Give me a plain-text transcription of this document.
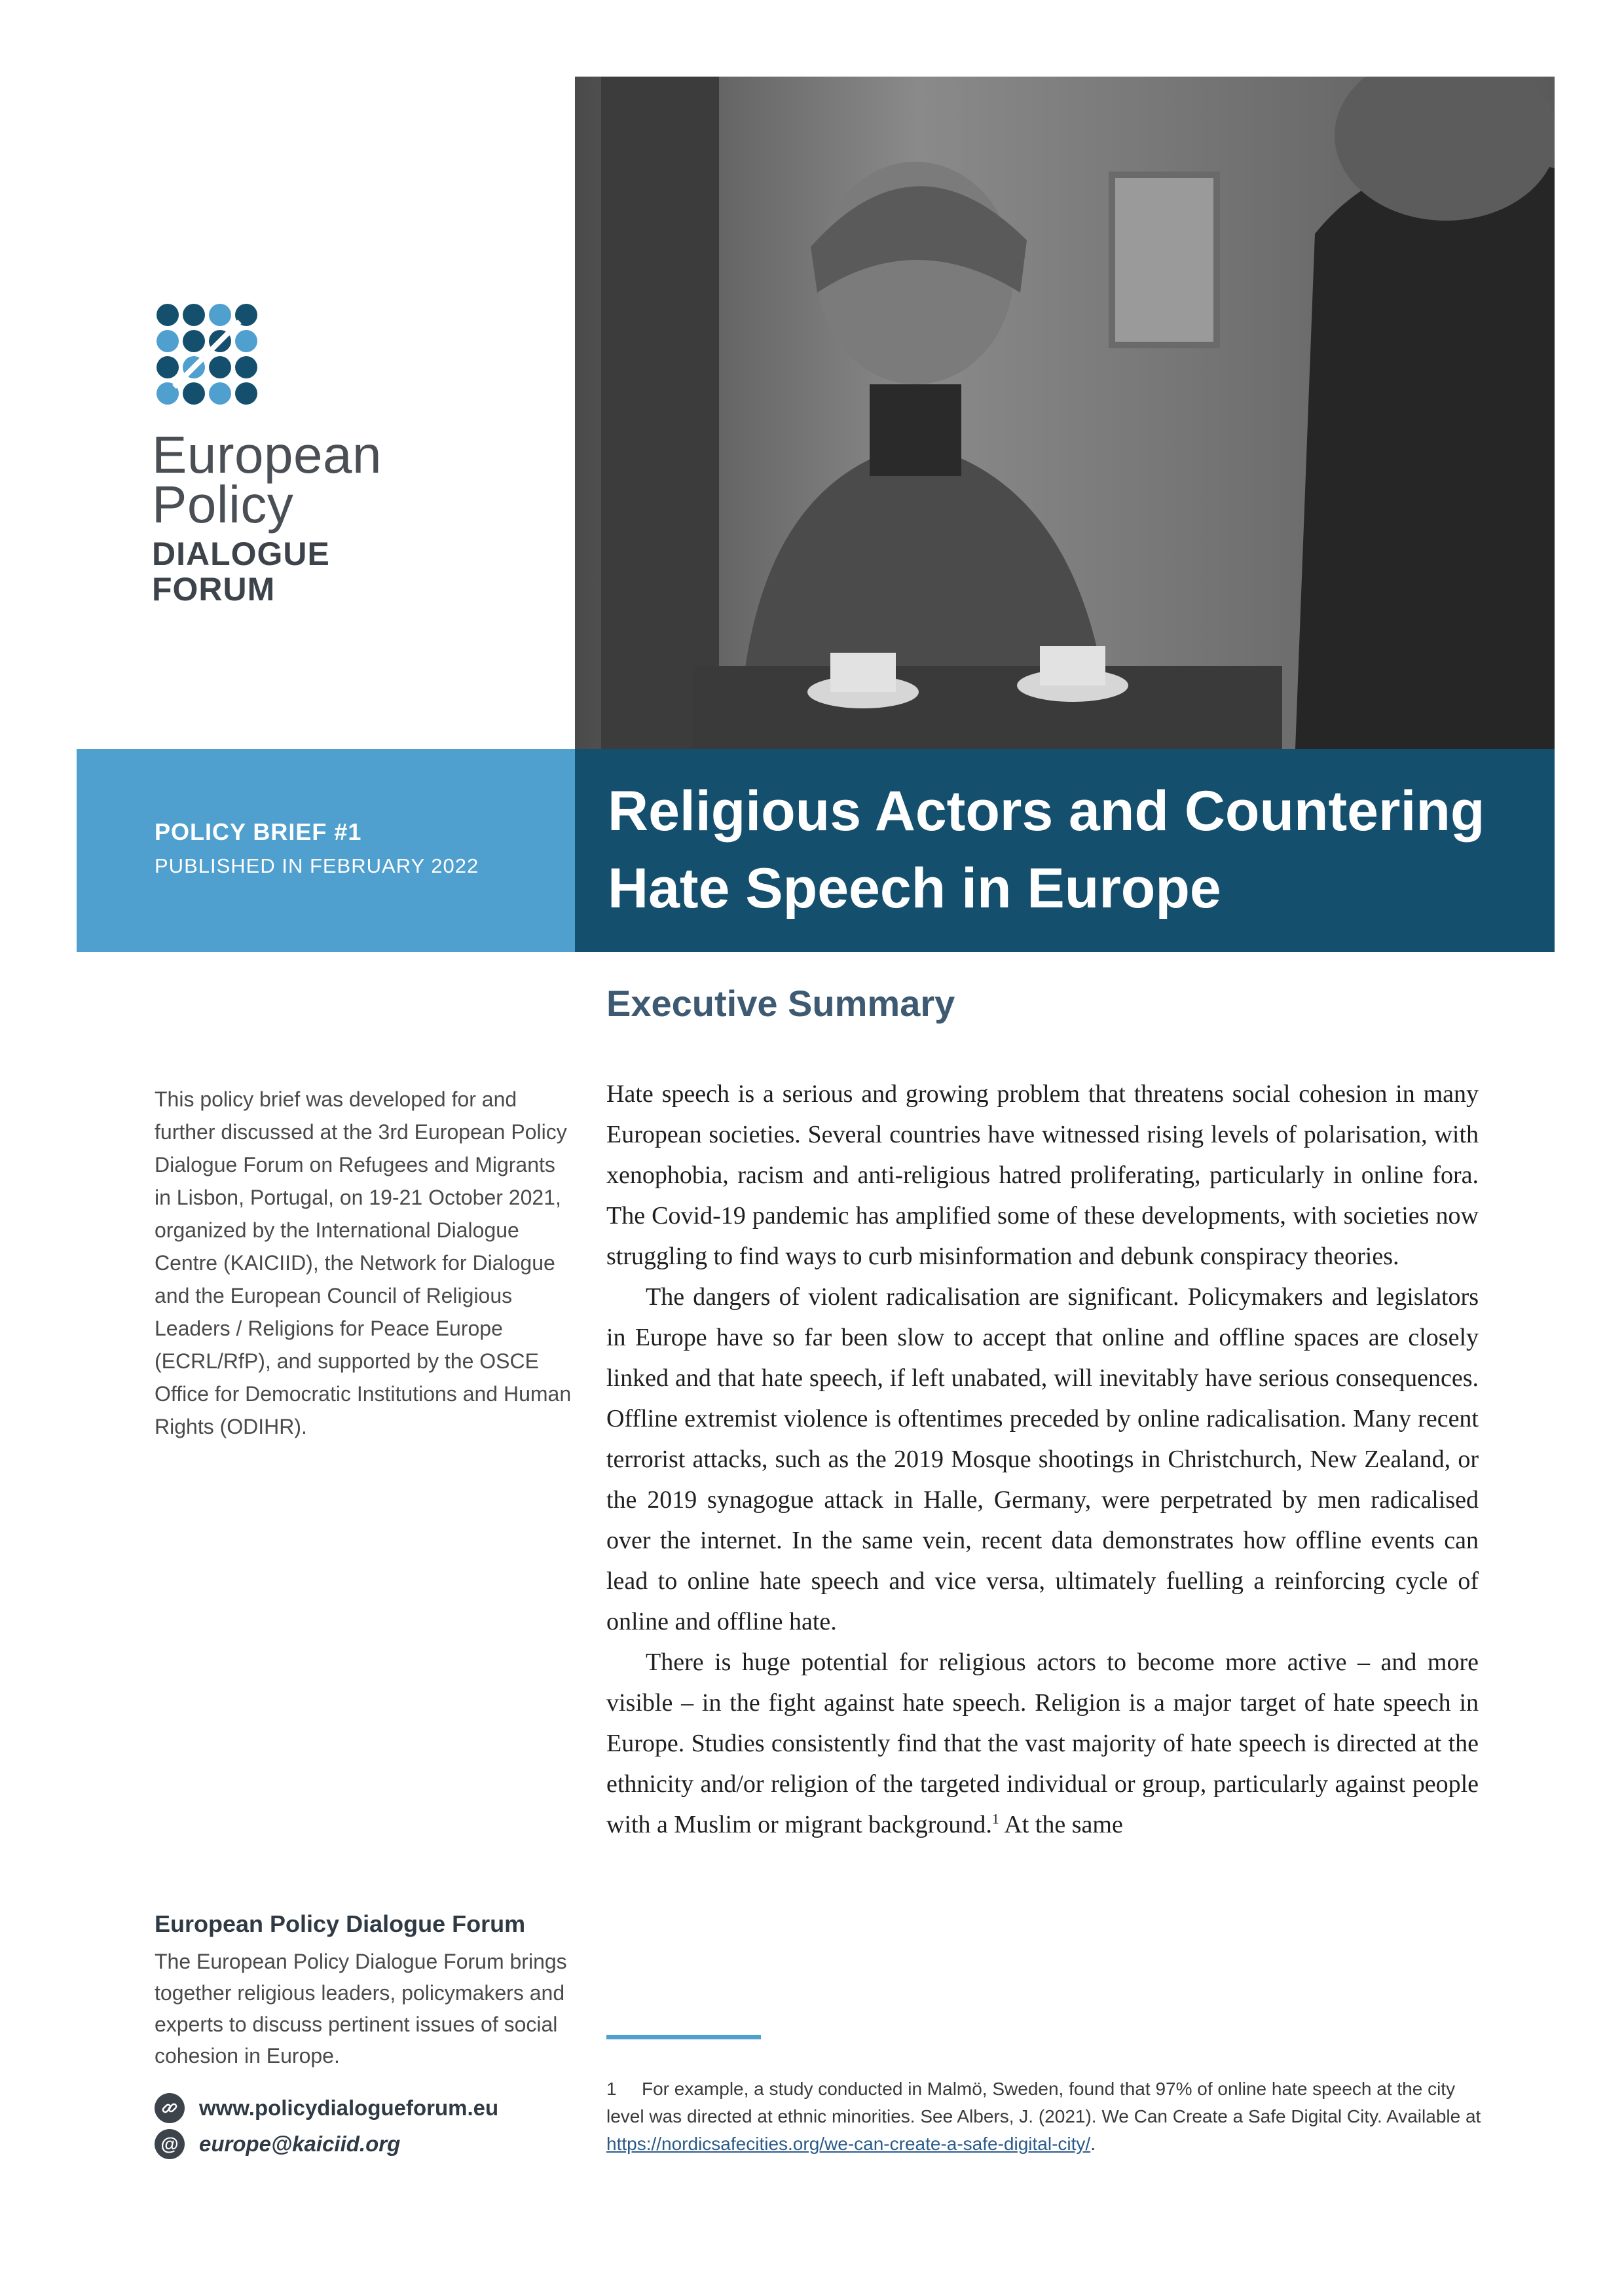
European
Policy
DIALOGUE
FORUM
POLICY BRIEF #1
PUBLISHED IN FEBRUARY 2022
Religious Actors and Countering Hate Speech in Europe
Executive Summary
This policy brief was developed for and further discussed at the 3rd European Policy Dialogue Forum on Refugees and Migrants in Lisbon, Portugal, on 19-21 October 2021, organized by the International Dialogue Centre (KAICIID), the Network for Dialogue and the European Council of Religious Leaders / Religions for Peace Europe (ECRL/RfP), and supported by the OSCE Office for Democratic Institutions and Human Rights (ODIHR).

Hate speech is a serious and growing problem that threatens social cohesion in many European societies. Several countries have witnessed rising levels of polarisation, with xenophobia, racism and anti-religious hatred proliferating, particularly in online fora. The Covid-19 pandemic has amplified some of these developments, with societies now struggling to find ways to curb misinformation and debunk conspiracy theories.

The dangers of violent radicalisation are significant. Policymakers and legislators in Europe have so far been slow to accept that online and offline spaces are closely linked and that hate speech, if left unabated, will inevitably have serious consequences. Offline extremist violence is oftentimes preceded by online radicalisation. Many recent terrorist attacks, such as the 2019 Mosque shootings in Christchurch, New Zealand, or the 2019 synagogue attack in Halle, Germany, were perpetrated by men radicalised over the internet. In the same vein, recent data demonstrates how offline events can lead to online hate speech and vice versa, ultimately fuelling a reinforcing cycle of online and offline hate.

There is huge potential for religious actors to become more active – and more visible – in the fight against hate speech. Religion is a major target of hate speech in Europe. Studies consistently find that the vast majority of hate speech is directed at the ethnicity and/or religion of the targeted individual or group, particularly against people with a Muslim or migrant background.$^1$ At the same

European Policy Dialogue Forum
The European Policy Dialogue Forum brings together religious leaders, policymakers and experts to discuss pertinent issues of social cohesion in Europe.
www.policydialogueforum.eu
@ europe@kaiciid.org
1 For example, a study conducted in Malmö, Sweden, found that 97% of online hate speech at the city level was directed at ethnic minorities. See Albers, J. (2021). We Can Create a Safe Digital City. Available at https://nordicsafecities.org/we-can-create-a-safe-digital-city/.
